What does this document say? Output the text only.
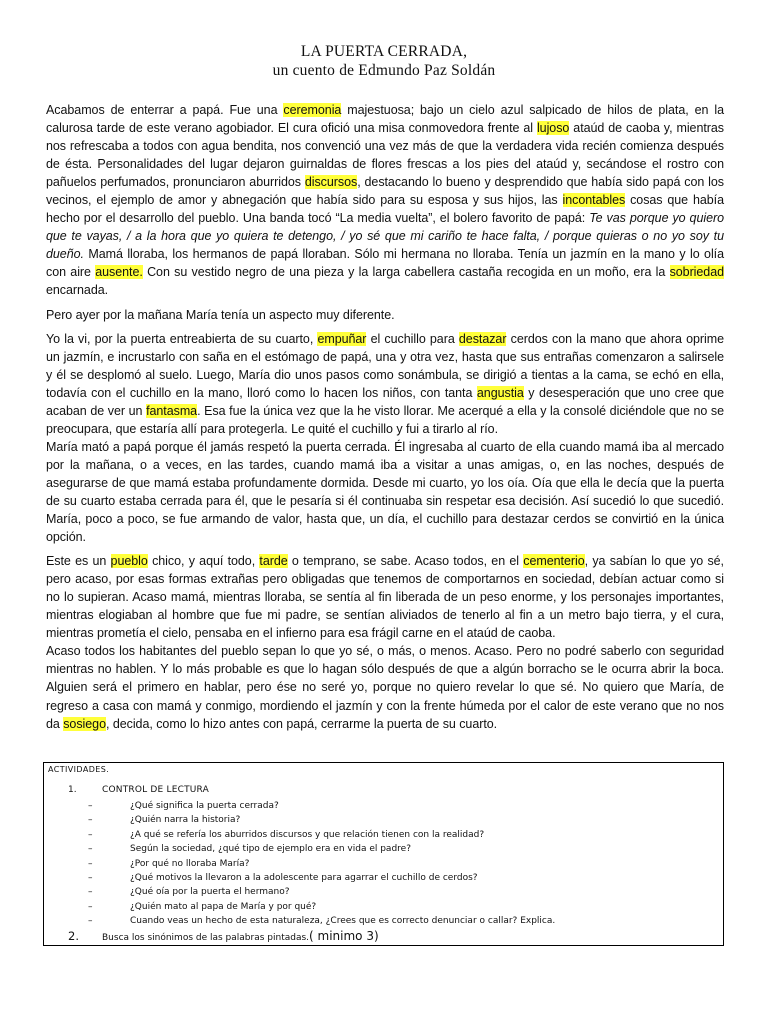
LA PUERTA CERRADA,
un cuento de Edmundo Paz Soldán

Acabamos de enterrar a papá. Fue una ceremonia majestuosa; bajo un cielo azul salpicado de hilos de plata, en la calurosa tarde de este verano agobiador. El cura ofició una misa conmovedora frente al lujoso ataúd de caoba y, mientras nos refrescaba a todos con agua bendita, nos convenció una vez más de que la verdadera vida recién comienza después de ésta. Personalidades del lugar dejaron guirnaldas de flores frescas a los pies del ataúd y, secándose el rostro con pañuelos perfumados, pronunciaron aburridos discursos, destacando lo bueno y desprendido que había sido papá con los vecinos, el ejemplo de amor y abnegación que había sido para su esposa y sus hijos, las incontables cosas que había hecho por el desarrollo del pueblo. Una banda tocó “La media vuelta”, el bolero favorito de papá: Te vas porque yo quiero que te vayas, / a la hora que yo quiera te detengo, / yo sé que mi cariño te hace falta, / porque quieras o no yo soy tu dueño. Mamá lloraba, los hermanos de papá lloraban. Sólo mi hermana no lloraba. Tenía un jazmín en la mano y lo olía con aire ausente. Con su vestido negro de una pieza y la larga cabellera castaña recogida en un moño, era la sobriedad encarnada.

Pero ayer por la mañana María tenía un aspecto muy diferente.

Yo la vi, por la puerta entreabierta de su cuarto, empuñar el cuchillo para destazar cerdos con la mano que ahora oprime un jazmín, e incrustarlo con saña en el estómago de papá, una y otra vez, hasta que sus entrañas comenzaron a salirsele y él se desplomó al suelo. Luego, María dio unos pasos como sonámbula, se dirigió a tientas a la cama, se echó en ella, todavía con el cuchillo en la mano, lloró como lo hacen los niños, con tanta angustia y desesperación que uno cree que acaban de ver un fantasma. Esa fue la única vez que la he visto llorar. Me acerqué a ella y la consolé diciéndole que no se preocupara, que estaría allí para protegerla. Le quité el cuchillo y fui a tirarlo al río.

María mató a papá porque él jamás respetó la puerta cerrada. Él ingresaba al cuarto de ella cuando mamá iba al mercado por la mañana, o a veces, en las tardes, cuando mamá iba a visitar a unas amigas, o, en las noches, después de asegurarse de que mamá estaba profundamente dormida. Desde mi cuarto, yo los oía. Oía que ella le decía que la puerta de su cuarto estaba cerrada para él, que le pesaría si él continuaba sin respetar esa decisión. Así sucedió lo que sucedió. María, poco a poco, se fue armando de valor, hasta que, un día, el cuchillo para destazar cerdos se convirtió en la única opción.

Este es un pueblo chico, y aquí todo, tarde o temprano, se sabe. Acaso todos, en el cementerio, ya sabían lo que yo sé, pero acaso, por esas formas extrañas pero obligadas que tenemos de comportarnos en sociedad, debían actuar como si no lo supieran. Acaso mamá, mientras lloraba, se sentía al fin liberada de un peso enorme, y los personajes importantes, mientras elogiaban al hombre que fue mi padre, se sentían aliviados de tenerlo al fin a un metro bajo tierra, y el cura, mientras prometía el cielo, pensaba en el infierno para esa frágil carne en el ataúd de caoba.

Acaso todos los habitantes del pueblo sepan lo que yo sé, o más, o menos. Acaso. Pero no podré saberlo con seguridad mientras no hablen. Y lo más probable es que lo hagan sólo después de que a algún borracho se le ocurra abrir la boca. Alguien será el primero en hablar, pero ése no seré yo, porque no quiero revelar lo que sé. No quiero que María, de regreso a casa con mamá y conmigo, mordiendo el jazmín y con la frente húmeda por el calor de este verano que no nos da sosiego, decida, como lo hizo antes con papá, cerrarme la puerta de su cuarto.

ACTIVIDADES.
1.	CONTROL DE LECTURA
–	¿Qué significa la puerta cerrada?
–	¿Quién narra la historia?
–	¿A qué se refería los aburridos discursos y que relación tienen con la realidad?
–	Según la sociedad, ¿qué tipo de ejemplo era en vida el padre?
–	¿Por qué no lloraba María?
–	¿Qué motivos la llevaron a la adolescente para agarrar el cuchillo de cerdos?
–	¿Qué oía por la puerta el hermano?
–	¿Quién mato al papa de María y por qué?
–	Cuando veas un hecho de esta naturaleza, ¿Crees que es correcto denunciar o callar? Explica.
2.	Busca los sinónimos de las palabras pintadas.( minimo 3)
